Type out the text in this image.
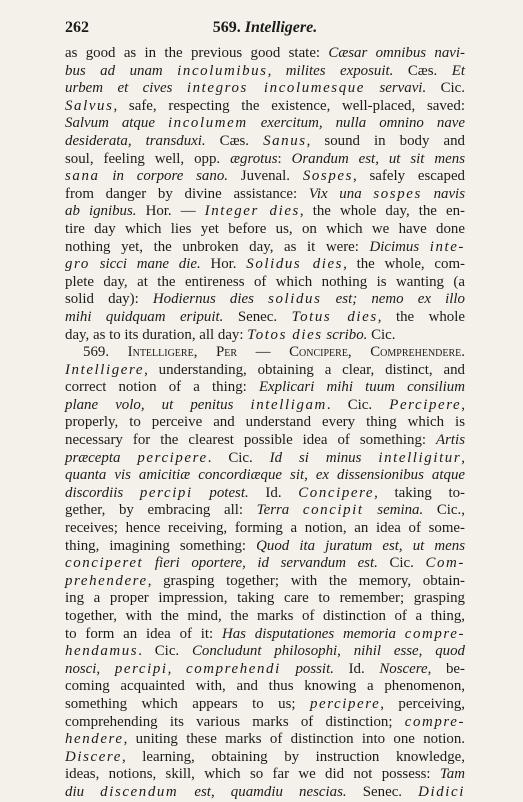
262	569. Intelligere.
as good as in the previous good state: Cæsar omnibus navi-
bus ad unam incolumibus, milites exposuit. Cæs. Et
urbem et cives integros incolumesque servavi. Cic.
Salvus, safe, respecting the existence, well-placed, saved:
Salvum atque incolumem exercitum, nulla omnino nave
desiderata, transduxi. Cæs. Sanus, sound in body and
soul, feeling well, opp. ægrotus: Orandum est, ut sit mens
sana in corpore sano. Juvenal. Sospes, safely escaped
from danger by divine assistance: Vix una sospes navis
ab ignibus. Hor. — Integer dies, the whole day, the en-
tire day which lies yet before us, on which we have done
nothing yet, the unbroken day, as it were: Dicimus inte-
gro sicci mane die. Hor. Solidus dies, the whole, com-
plete day, at the entireness of which nothing is wanting (a
solid day): Hodiernus dies solidus est; nemo ex illo
mihi quidquam eripuit. Senec. Totus dies, the whole
day, as to its duration, all day: Totos dies scribo. Cic.
569. Intelligere, Per — Concipere, Comprehendere.
Intelligere, understanding, obtaining a clear, distinct, and
correct notion of a thing: Explicari mihi tuum consilium
plane volo, ut penitus intelligam. Cic. Percipere,
properly, to perceive and understand every thing which is
necessary for the clearest possible idea of something: Artis
præcepta percipere. Cic. Id si minus intelligitur,
quanta vis amicitiæ concordiæque sit, ex dissensionibus atque
discordiis percipi potest. Id. Concipere, taking to-
gether, by embracing all: Terra concipit semina. Cic.,
receives; hence receiving, forming a notion, an idea of some-
thing, imagining something: Quod ita juratum est, ut mens
conciperet fieri oportere, id servandum est. Cic. Com-
prehendere, grasping together; with the memory, obtain-
ing a proper impression, taking care to remember; grasping
together, with the mind, the marks of distinction of a thing,
to form an idea of it: Has disputationes memoria compre-
hendamus. Cic. Concludunt philosophi, nihil esse, quod
nosci, percipi, comprehendi possit. Id. Noscere, be-
coming acquainted with, and thus knowing a phenomenon,
something which appears to us; percipere, perceiving,
comprehending its various marks of distinction; compre-
hendere, uniting these marks of distinction into one notion.
Discere, learning, obtaining by instruction knowledge,
ideas, notions, skill, which so far we did not possess: Tam
diu discendum est, quamdiu nescias. Senec. Didici
